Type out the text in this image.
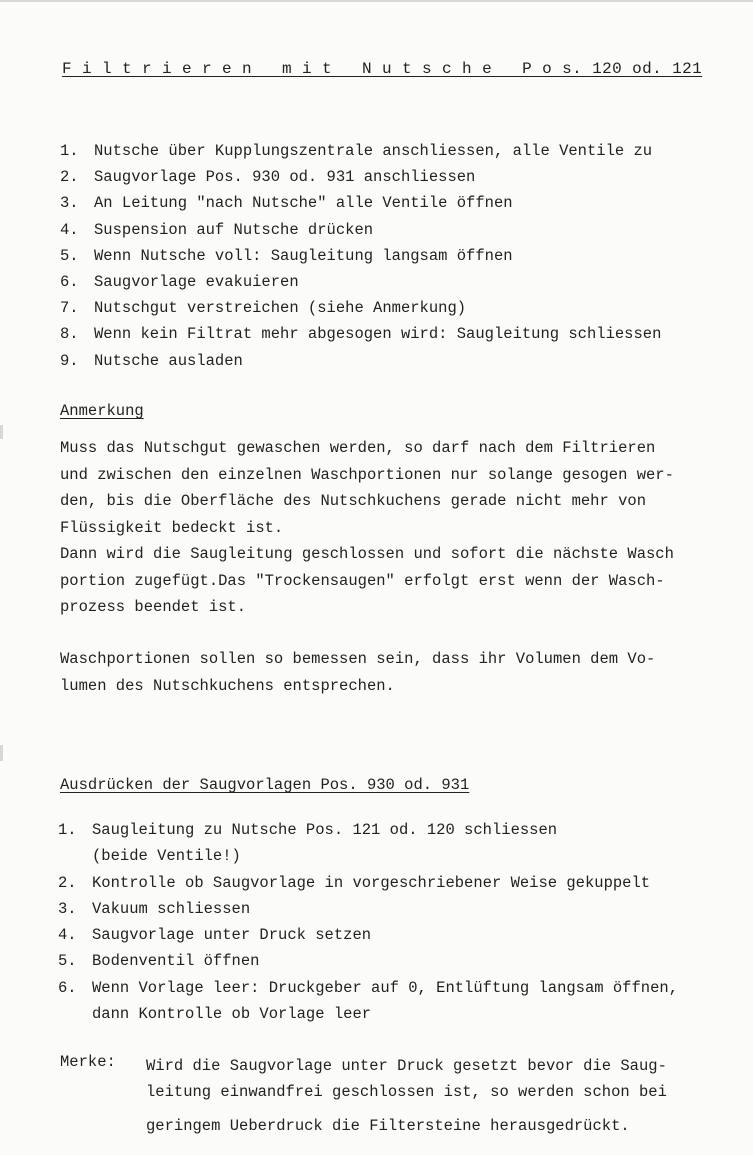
F i l t r i e r e n   m i t   N u t s c h e   P o s. 120 od. 121
1. Nutsche über Kupplungszentrale anschliessen, alle Ventile zu
2. Saugvorlage Pos. 930 od. 931 anschliessen
3. An Leitung "nach Nutsche" alle Ventile öffnen
4. Suspension auf Nutsche drücken
5. Wenn Nutsche voll: Saugleitung langsam öffnen
6. Saugvorlage evakuieren
7. Nutschgut verstreichen (siehe Anmerkung)
8. Wenn kein Filtrat mehr abgesogen wird: Saugleitung schliessen
9. Nutsche ausladen
Anmerkung
Muss das Nutschgut gewaschen werden, so darf nach dem Filtrieren
und zwischen den einzelnen Waschportionen nur solange gesogen wer-
den, bis die Oberfläche des Nutschkuchens gerade nicht mehr von
Flüssigkeit bedeckt ist.
Dann wird die Saugleitung geschlossen und sofort die nächste Wasch
portion zugefügt.Das "Trockensaugen" erfolgt erst wenn der Wasch-
prozess beendet ist.
Waschportionen sollen so bemessen sein, dass ihr Volumen dem Vo-
lumen des Nutschkuchens entsprechen.
Ausdrücken der Saugvorlagen Pos. 930 od. 931
1. Saugleitung zu Nutsche Pos. 121 od. 120 schliessen
(beide Ventile!)
2. Kontrolle ob Saugvorlage in vorgeschriebener Weise gekuppelt
3. Vakuum schliessen
4. Saugvorlage unter Druck setzen
5. Bodenventil öffnen
6. Wenn Vorlage leer: Druckgeber auf 0, Entlüftung langsam öffnen,
dann Kontrolle ob Vorlage leer
Merke: Wird die Saugvorlage unter Druck gesetzt bevor die Saug-
leitung einwandfrei geschlossen ist, so werden schon bei
geringem Ueberdruck die Filtersteine herausgedrückt.
